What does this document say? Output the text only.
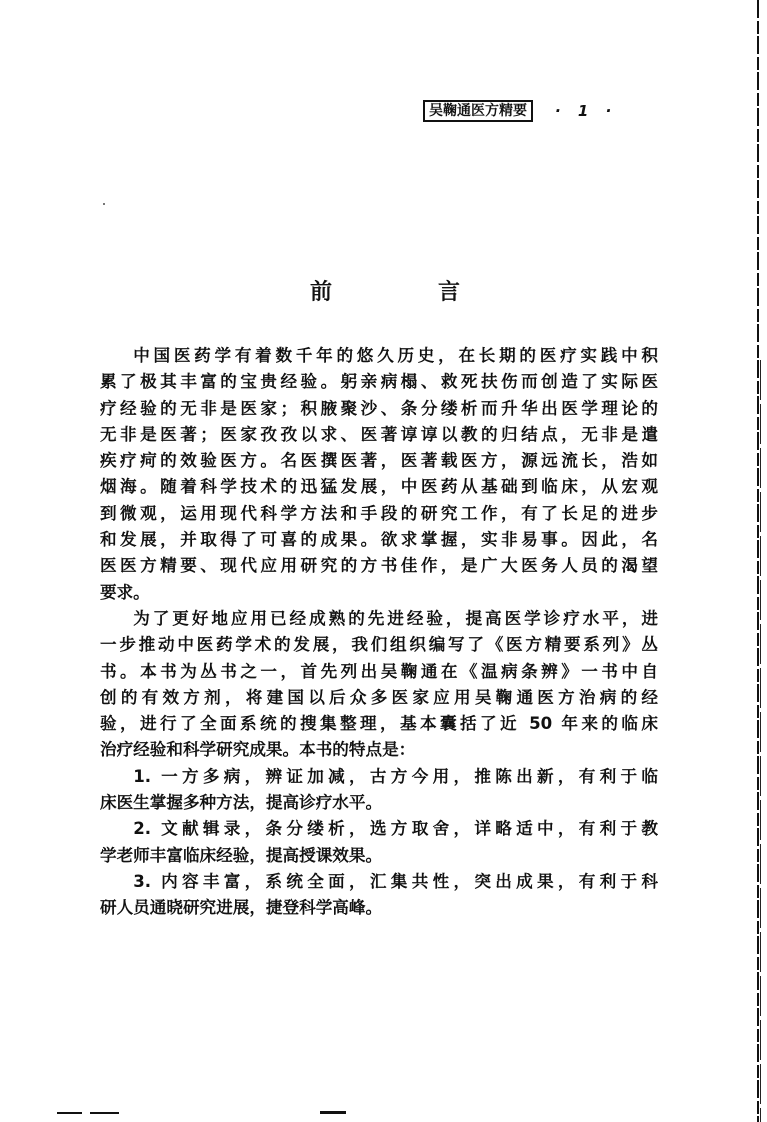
吴鞠通医方精要	· 1 ·
前	言
中国医药学有着数千年的悠久历史，在长期的医疗实践中积
累了极其丰富的宝贵经验。躬亲病榻、救死扶伤而创造了实际医
疗经验的无非是医家；积腋聚沙、条分缕析而升华出医学理论的
无非是医著；医家孜孜以求、医著谆谆以教的归结点，无非是遣
疾疗疴的效验医方。名医撰医著，医著载医方，源远流长，浩如
烟海。随着科学技术的迅猛发展，中医药从基础到临床，从宏观
到微观，运用现代科学方法和手段的研究工作，有了长足的进步
和发展，并取得了可喜的成果。欲求掌握，实非易事。因此，名
医医方精要、现代应用研究的方书佳作，是广大医务人员的渴望
要求。
为了更好地应用已经成熟的先进经验，提高医学诊疗水平，进
一步推动中医药学术的发展，我们组织编写了《医方精要系列》丛
书。本书为丛书之一，首先列出吴鞠通在《温病条辨》一书中自
创的有效方剂，将建国以后众多医家应用吴鞠通医方治病的经
验，进行了全面系统的搜集整理，基本囊括了近 50 年来的临床
治疗经验和科学研究成果。本书的特点是：
1. 一方多病，辨证加减，古方今用，推陈出新，有利于临
床医生掌握多种方法，提高诊疗水平。
2. 文献辑录，条分缕析，选方取舍，详略适中，有利于教
学老师丰富临床经验，提高授课效果。
3. 内容丰富，系统全面，汇集共性，突出成果，有利于科
研人员通晓研究进展，捷登科学高峰。
